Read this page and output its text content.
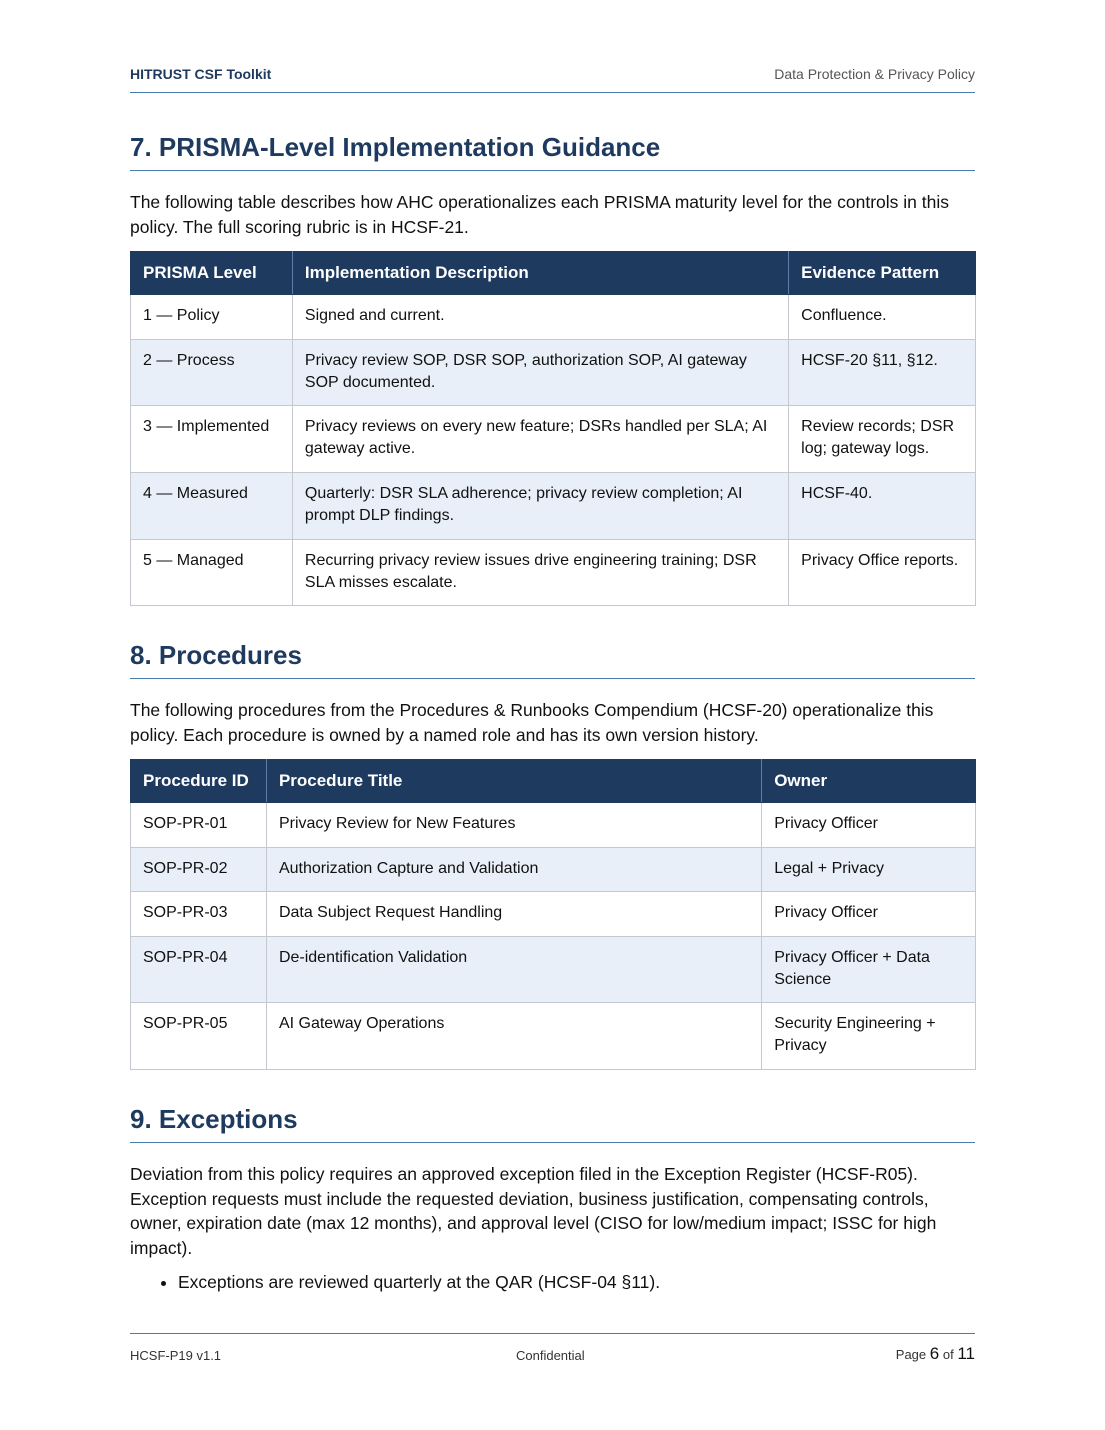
HITRUST CSF Toolkit	Data Protection & Privacy Policy
7. PRISMA-Level Implementation Guidance

The following table describes how AHC operationalizes each PRISMA maturity level for the controls in this policy. The full scoring rubric is in HCSF-21.

PRISMA Level	Implementation Description	Evidence Pattern
1 — Policy	Signed and current.	Confluence.
2 — Process	Privacy review SOP, DSR SOP, authorization SOP, AI gateway SOP documented.	HCSF-20 §11, §12.
3 — Implemented	Privacy reviews on every new feature; DSRs handled per SLA; AI gateway active.	Review records; DSR log; gateway logs.
4 — Measured	Quarterly: DSR SLA adherence; privacy review completion; AI prompt DLP findings.	HCSF-40.
5 — Managed	Recurring privacy review issues drive engineering training; DSR SLA misses escalate.	Privacy Office reports.
8. Procedures

The following procedures from the Procedures & Runbooks Compendium (HCSF-20) operationalize this policy. Each procedure is owned by a named role and has its own version history.

Procedure ID	Procedure Title	Owner
SOP-PR-01	Privacy Review for New Features	Privacy Officer
SOP-PR-02	Authorization Capture and Validation	Legal + Privacy
SOP-PR-03	Data Subject Request Handling	Privacy Officer
SOP-PR-04	De-identification Validation	Privacy Officer + Data Science
SOP-PR-05	AI Gateway Operations	Security Engineering + Privacy
9. Exceptions

Deviation from this policy requires an approved exception filed in the Exception Register (HCSF-R05). Exception requests must include the requested deviation, business justification, compensating controls, owner, expiration date (max 12 months), and approval level (CISO for low/medium impact; ISSC for high impact).

• Exceptions are reviewed quarterly at the QAR (HCSF-04 §11).
HCSF-P19 v1.1	Confidential	Page 6 of 11
